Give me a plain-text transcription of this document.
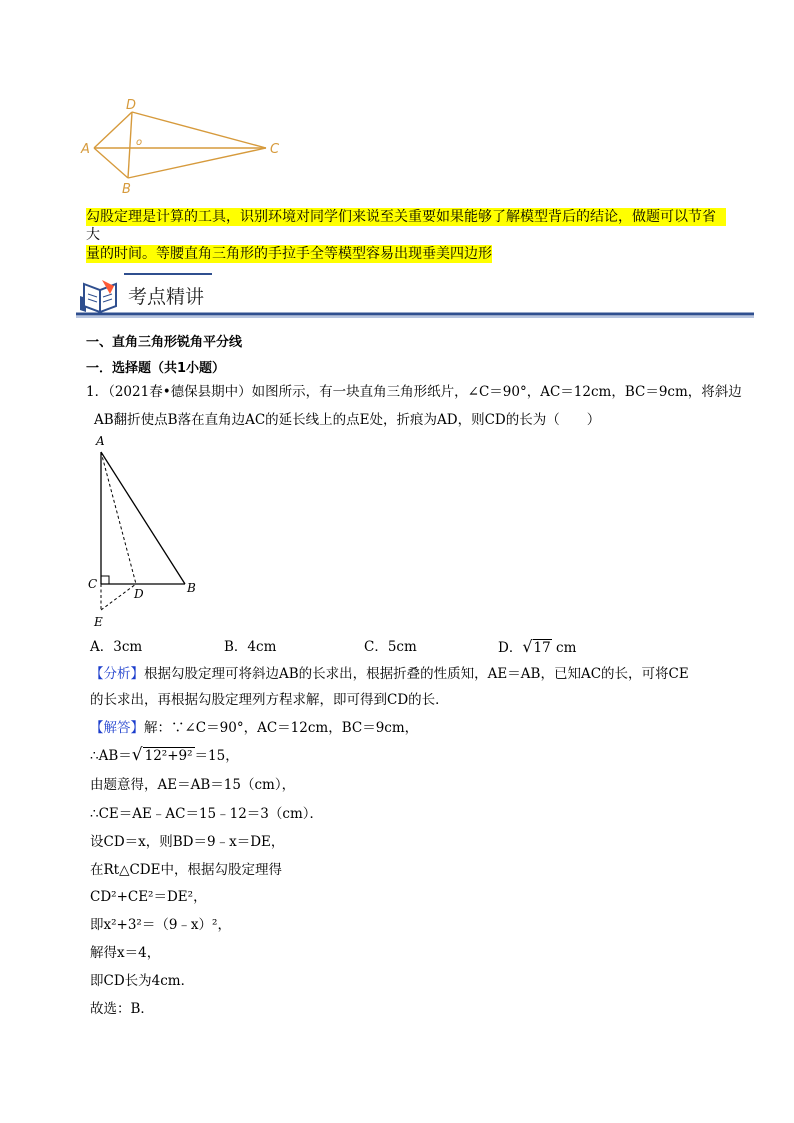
D
o
A	C
B
勾股定理是计算的工具，识别环境对同学们来说至关重要如果能够了解模型背后的结论，做题可以节省大
量的时间。等腰直角三角形的手拉手全等模型容易出现垂美四边形
考点精讲
一、直角三角形锐角平分线
一．选择题（共1小题）
1．（2021春•德保县期中）如图所示，有一块直角三角形纸片，∠C＝90°，AC＝12cm，BC＝9cm，将斜边
AB翻折使点B落在直角边AC的延长线上的点E处，折痕为AD，则CD的长为（　　）
A
C
D	B
E
A．3cm	B．4cm	C．5cm	D．√17 cm
【分析】根据勾股定理可将斜边AB的长求出，根据折叠的性质知，AE＝AB，已知AC的长，可将CE
的长求出，再根据勾股定理列方程求解，即可得到CD的长．
【解答】解：∵∠C＝90°，AC＝12cm，BC＝9cm，
∴AB＝√ 12²+9² ＝15，
由题意得，AE＝AB＝15（cm），
∴CE＝AE﹣AC＝15﹣12＝3（cm）．
设CD＝x，则BD＝9﹣x＝DE，
在Rt△CDE中，根据勾股定理得
CD²+CE²＝DE²，
即x²+3²＝（9﹣x）²，
解得x＝4，
即CD长为4cm．
故选：B．
